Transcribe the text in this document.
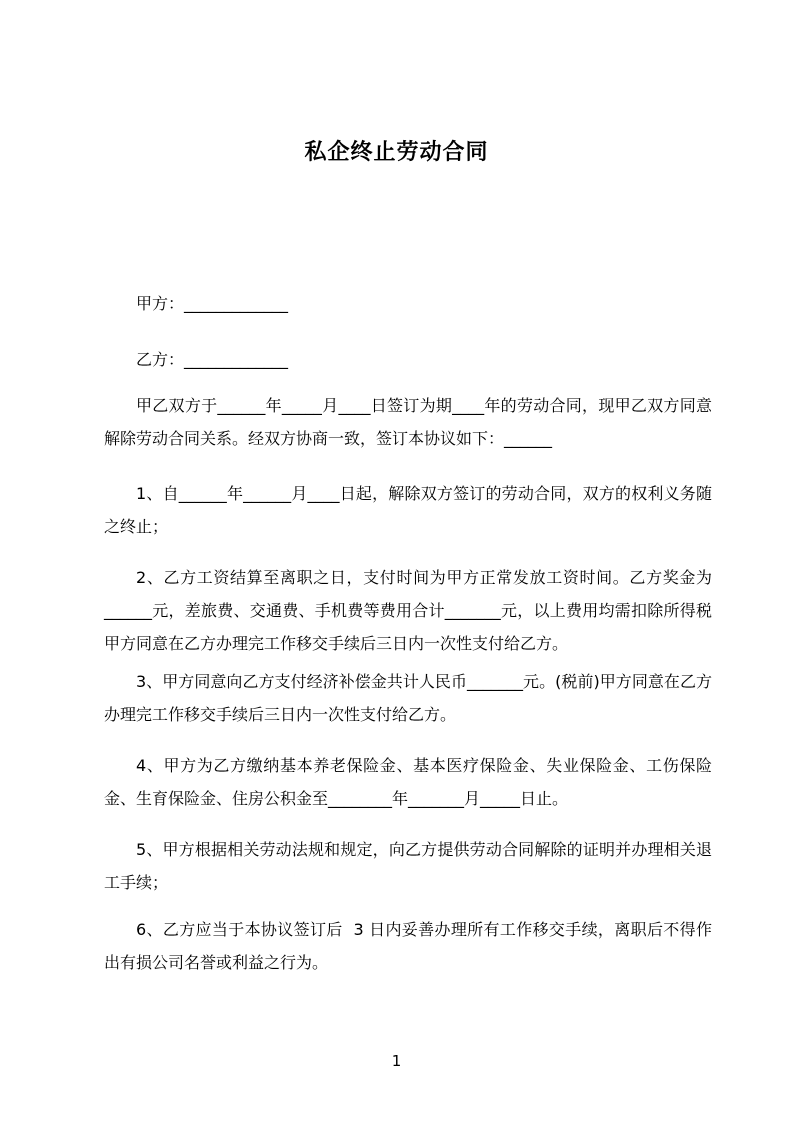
私企终止劳动合同

甲方：_____________

乙方：_____________

甲乙双方于______年_____月____日签订为期____年的劳动合同，现甲乙双方同意解除劳动合同关系。经双方协商一致，签订本协议如下：______

1、自______年______月____日起，解除双方签订的劳动合同，双方的权利义务随之终止；

2、乙方工资结算至离职之日，支付时间为甲方正常发放工资时间。乙方奖金为______元，差旅费、交通费、手机费等费用合计_______元，以上费用均需扣除所得税 甲方同意在乙方办理完工作移交手续后三日内一次性支付给乙方。

3、甲方同意向乙方支付经济补偿金共计人民币_______元。(税前)甲方同意在乙方办理完工作移交手续后三日内一次性支付给乙方。

4、甲方为乙方缴纳基本养老保险金、基本医疗保险金、失业保险金、工伤保险金、生育保险金、住房公积金至________年_______月_____日止。

5、甲方根据相关劳动法规和规定，向乙方提供劳动合同解除的证明并办理相关退工手续；

6、乙方应当于本协议签订后  3 日内妥善办理所有工作移交手续，离职后不得作出有损公司名誉或利益之行为。

1
